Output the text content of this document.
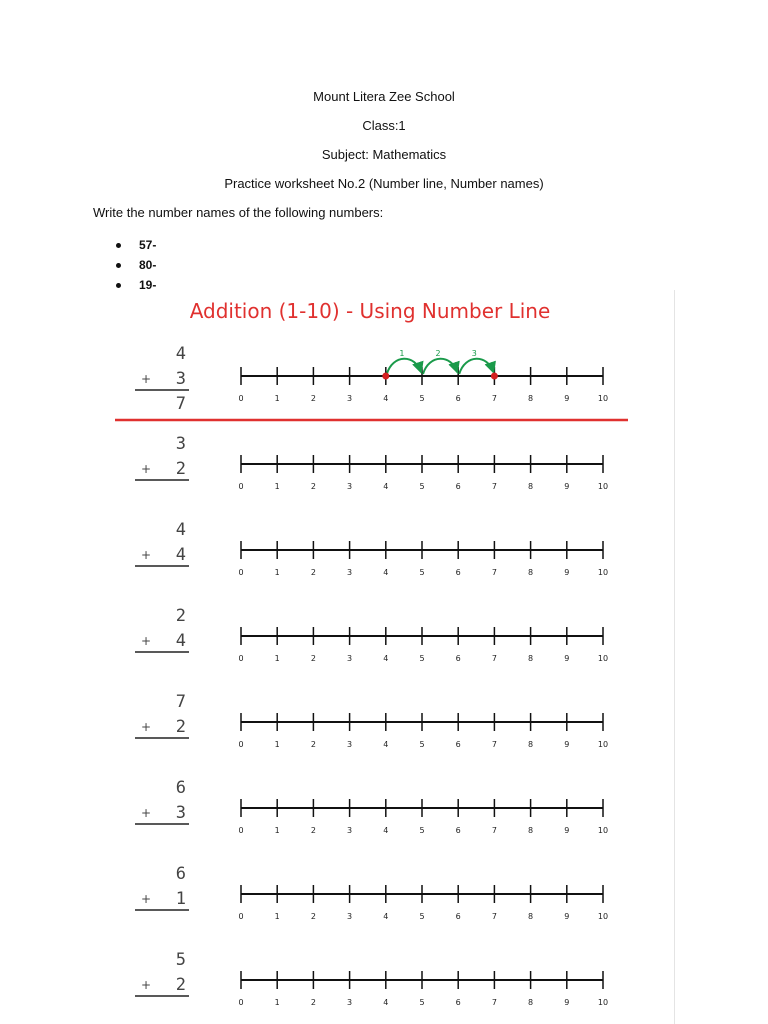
Mount Litera Zee School
Class:1
Subject: Mathematics
Practice worksheet No.2 (Number line, Number names)
Write the number names of the following numbers:
57-
80-
19-
Addition (1-10) - Using Number Line
4
+ 3
7	0	1	2	3	4	5	6	7	8	9	10
1	2	3
3
+ 2
0	1	2	3	4	5	6	7	8	9	10
4
+ 4
0	1	2	3	4	5	6	7	8	9	10
2
+ 4
0	1	2	3	4	5	6	7	8	9	10
7
+ 2
0	1	2	3	4	5	6	7	8	9	10
6
+ 3
0	1	2	3	4	5	6	7	8	9	10
6
+ 1
0	1	2	3	4	5	6	7	8	9	10
5
+ 2
0	1	2	3	4	5	6	7	8	9	10
